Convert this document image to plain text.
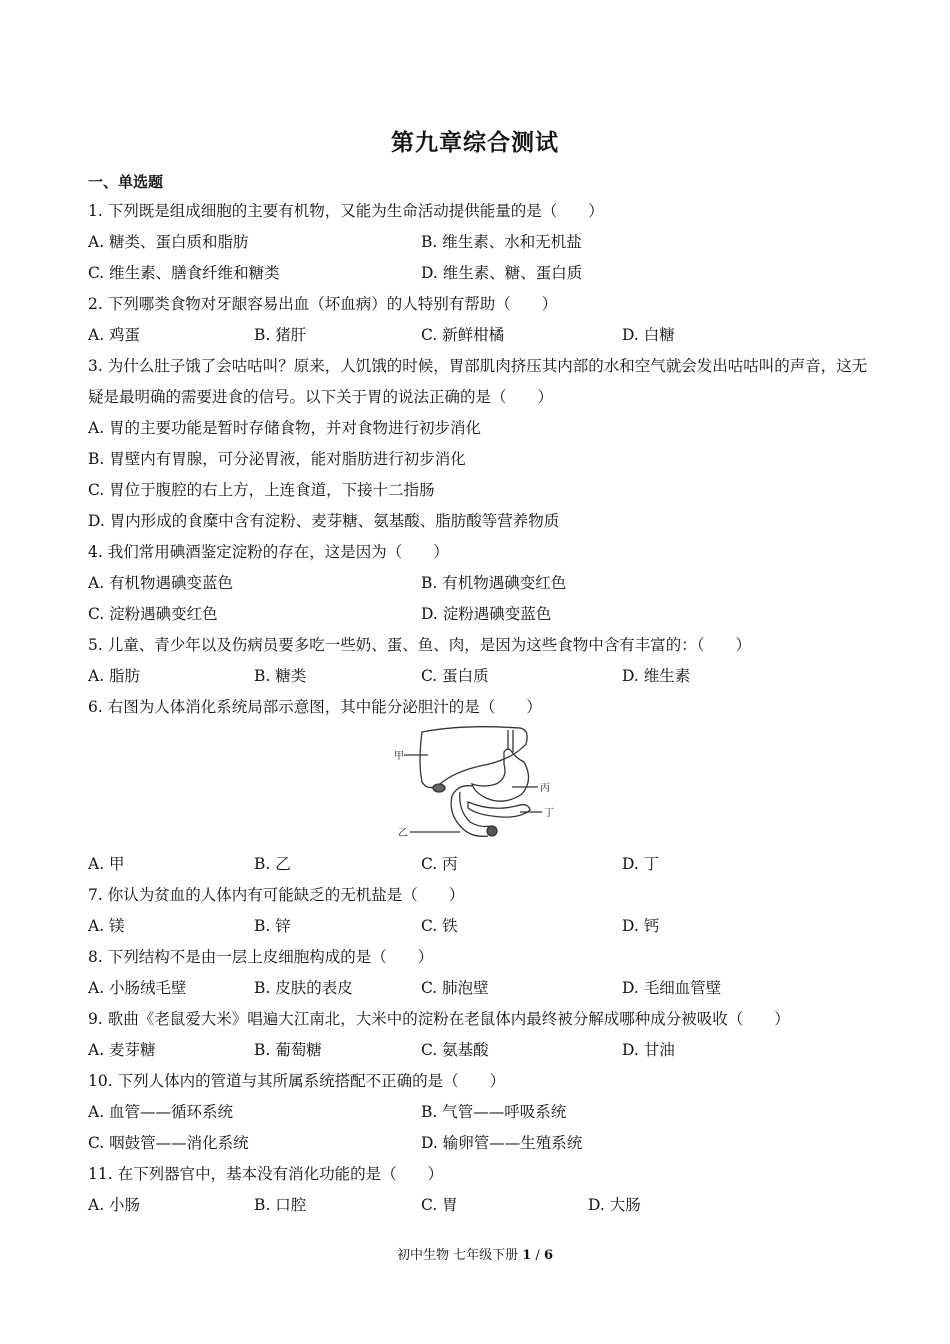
第九章综合测试
一、单选题
1. 下列既是组成细胞的主要有机物，又能为生命活动提供能量的是（　　）
A. 糖类、蛋白质和脂肪	B. 维生素、水和无机盐
C. 维生素、膳食纤维和糖类	D. 维生素、糖、蛋白质
2. 下列哪类食物对牙龈容易出血（坏血病）的人特别有帮助（　　）
A. 鸡蛋	B. 猪肝	C. 新鲜柑橘	D. 白糖
3. 为什么肚子饿了会咕咕叫？原来，人饥饿的时候，胃部肌肉挤压其内部的水和空气就会发出咕咕叫的声音，这无疑是最明确的需要进食的信号。以下关于胃的说法正确的是（　　）
A. 胃的主要功能是暂时存储食物，并对食物进行初步消化
B. 胃壁内有胃腺，可分泌胃液，能对脂肪进行初步消化
C. 胃位于腹腔的右上方，上连食道，下接十二指肠
D. 胃内形成的食糜中含有淀粉、麦芽糖、氨基酸、脂肪酸等营养物质
4. 我们常用碘酒鉴定淀粉的存在，这是因为（　　）
A. 有机物遇碘变蓝色	B. 有机物遇碘变红色
C. 淀粉遇碘变红色	D. 淀粉遇碘变蓝色
5. 儿童、青少年以及伤病员要多吃一些奶、蛋、鱼、肉，是因为这些食物中含有丰富的：（　　）
A. 脂肪	B. 糖类	C. 蛋白质	D. 维生素
6. 右图为人体消化系统局部示意图，其中能分泌胆汁的是（　　）
甲
乙
丙
丁
A. 甲	B. 乙	C. 丙	D. 丁
7. 你认为贫血的人体内有可能缺乏的无机盐是（　　）
A. 镁	B. 锌	C. 铁	D. 钙
8. 下列结构不是由一层上皮细胞构成的是（　　）
A. 小肠绒毛壁	B. 皮肤的表皮	C. 肺泡壁	D. 毛细血管壁
9. 歌曲《老鼠爱大米》唱遍大江南北，大米中的淀粉在老鼠体内最终被分解成哪种成分被吸收（　　）
A. 麦芽糖	B. 葡萄糖	C. 氨基酸	D. 甘油
10. 下列人体内的管道与其所属系统搭配不正确的是（　　）
A. 血管——循环系统	B. 气管——呼吸系统
C. 咽鼓管——消化系统	D. 输卵管——生殖系统
11. 在下列器官中，基本没有消化功能的是（　　）
A. 小肠	B. 口腔	C. 胃	D. 大肠
初中生物 七年级下册 1 / 6
